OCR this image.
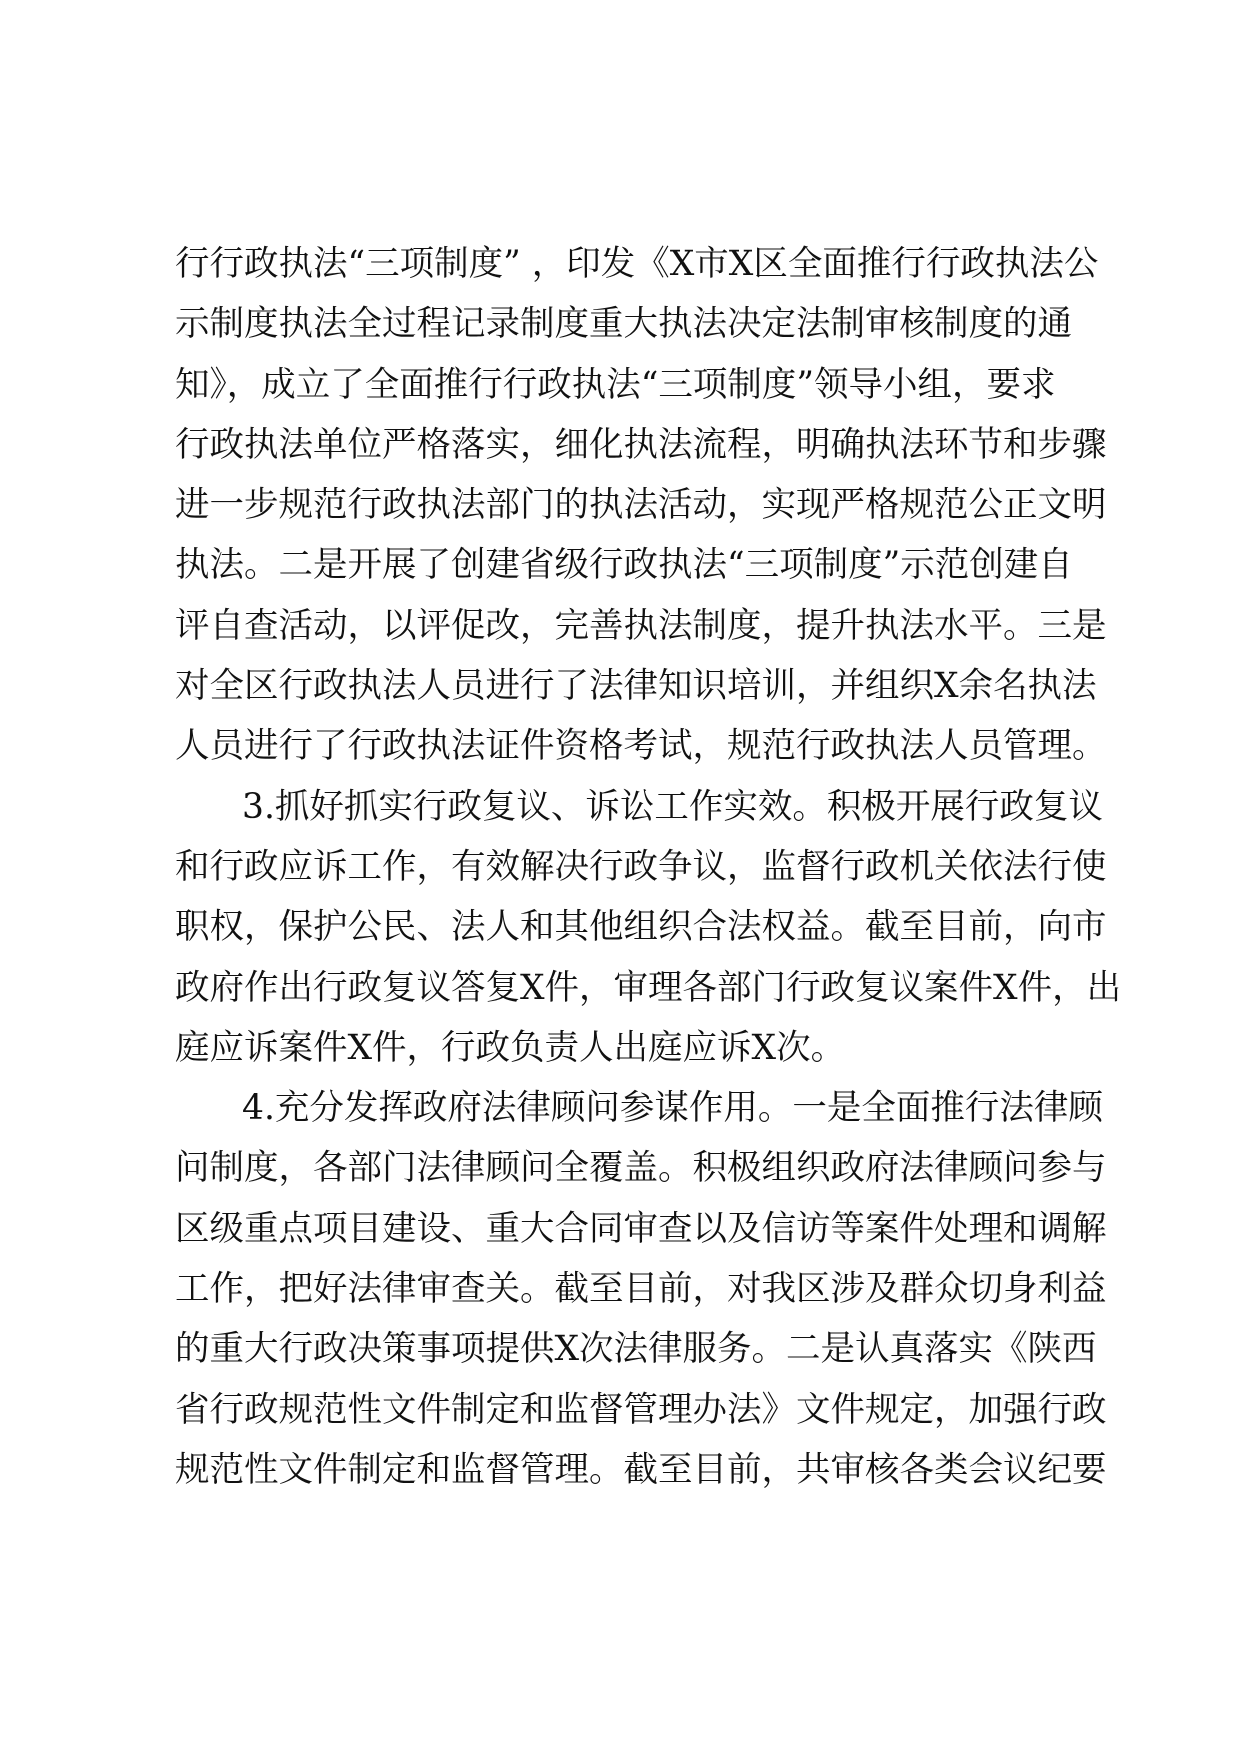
行行政执法“三项制度” ，印发《X市X区全面推行行政执法公
示制度执法全过程记录制度重大执法决定法制审核制度的通
知》，成立了全面推行行政执法“三项制度”领导小组，要求
行政执法单位严格落实，细化执法流程，明确执法环节和步骤
进一步规范行政执法部门的执法活动，实现严格规范公正文明
执法。二是开展了创建省级行政执法“三项制度”示范创建自
评自查活动，以评促改，完善执法制度，提升执法水平。三是
对全区行政执法人员进行了法律知识培训，并组织X余名执法
人员进行了行政执法证件资格考试，规范行政执法人员管理。
3.抓好抓实行政复议、诉讼工作实效。积极开展行政复议
和行政应诉工作，有效解决行政争议，监督行政机关依法行使
职权，保护公民、法人和其他组织合法权益。截至目前，向市
政府作出行政复议答复X件，审理各部门行政复议案件X件，出
庭应诉案件X件，行政负责人出庭应诉X次。
4.充分发挥政府法律顾问参谋作用。一是全面推行法律顾
问制度，各部门法律顾问全覆盖。积极组织政府法律顾问参与
区级重点项目建设、重大合同审查以及信访等案件处理和调解
工作，把好法律审查关。截至目前，对我区涉及群众切身利益
的重大行政决策事项提供X次法律服务。二是认真落实《陕西
省行政规范性文件制定和监督管理办法》文件规定，加强行政
规范性文件制定和监督管理。截至目前，共审核各类会议纪要
